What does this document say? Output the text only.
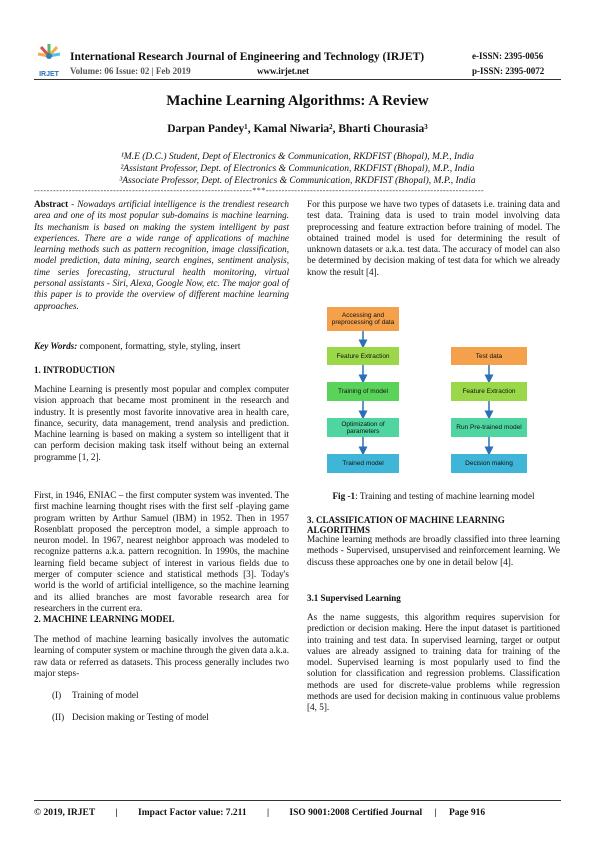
IRJET
International Research Journal of Engineering and Technology (IRJET)
Volume: 06 Issue: 02 | Feb 2019	www.irjet.net
e-ISSN: 2395-0056
p-ISSN: 2395-0072
Machine Learning Algorithms: A Review
Darpan Pandey¹, Kamal Niwaria², Bharti Chourasia³
¹M.E (D.C.) Student, Dept of Electronics & Communication, RKDFIST (Bhopal), M.P., India
²Assistant Professor, Dept. of Electronics & Communication, RKDFIST (Bhopal), M.P., India
³Associate Professor, Dept. of Electronics & Communication, RKDFIST (Bhopal), M.P., India
---------------------------------------------------------------------***---------------------------------------------------------------------
Abstract - Nowadays artificial intelligence is the trendiest research area and one of its most popular sub-domains is machine learning. Its mechanism is based on making the system intelligent by past experiences. There are a wide range of applications of machine learning methods such as pattern recognition, image classification, model prediction, data mining, search engines, sentiment analysis, time series forecasting, structural health monitoring, virtual personal assistants - Siri, Alexa, Google Now, etc. The major goal of this paper is to provide the overview of different machine learning approaches.
Key Words: component, formatting, style, styling, insert
1. INTRODUCTION
Machine Learning is presently most popular and complex computer vision approach that became most prominent in the research and industry. It is presently most favorite innovative area in health care, finance, security, data management, trend analysis and prediction. Machine learning is based on making a system so intelligent that it can perform decision making task itself without being an external programme [1, 2].
First, in 1946, ENIAC – the first computer system was invented. The first machine learning thought rises with the first self -playing game program written by Arthur Samuel (IBM) in 1952. Then in 1957 Rosenblatt proposed the perceptron model, a simple approach to neuron model. In 1967, nearest neighbor approach was modeled to recognize patterns a.k.a. pattern recognition. In 1990s, the machine learning field became subject of interest in various fields due to merger of computer science and statistical methods [3]. Today's world is the world of artificial intelligence, so the machine learning and its allied branches are most favorable research area for researchers in the current era.
2. MACHINE LEARNING MODEL
The method of machine learning basically involves the automatic learning of computer system or machine through the given data a.k.a. raw data or referred as datasets. This process generally includes two major steps-
(I) Training of model
(II) Decision making or Testing of model
For this purpose we have two types of datasets i.e. training data and test data. Training data is used to train model involving data preprocessing and feature extraction before training of model. The obtained trained model is used for determining the result of unknown datasets or a.k.a. test data. The accuracy of model can also be determined by decision making of test data for which we already know the result [4].
Accessing and preprocessing of data
Feature Extraction
Training of model
Optimization of parameters
Trained model
Test data
Feature Extraction
Run Pre-trained model
Decision making
Fig -1: Training and testing of machine learning model
3. CLASSIFICATION OF MACHINE LEARNING ALGORITHMS
Machine learning methods are broadly classified into three learning methods - Supervised, unsupervised and reinforcement learning. We discuss these approaches one by one in detail below [4].
3.1 Supervised Learning
As the name suggests, this algorithm requires supervision for prediction or decision making. Here the input dataset is partitioned into training and test data. In supervised learning, target or output values are already assigned to training data for training of the model. Supervised learning is most popularly used to find the solution for classification and regression problems. Classification methods are used for discrete-value problems while regression methods are used for decision making in continuous value problems [4, 5].
© 2019, IRJET | Impact Factor value: 7.211 | ISO 9001:2008 Certified Journal | Page 916
